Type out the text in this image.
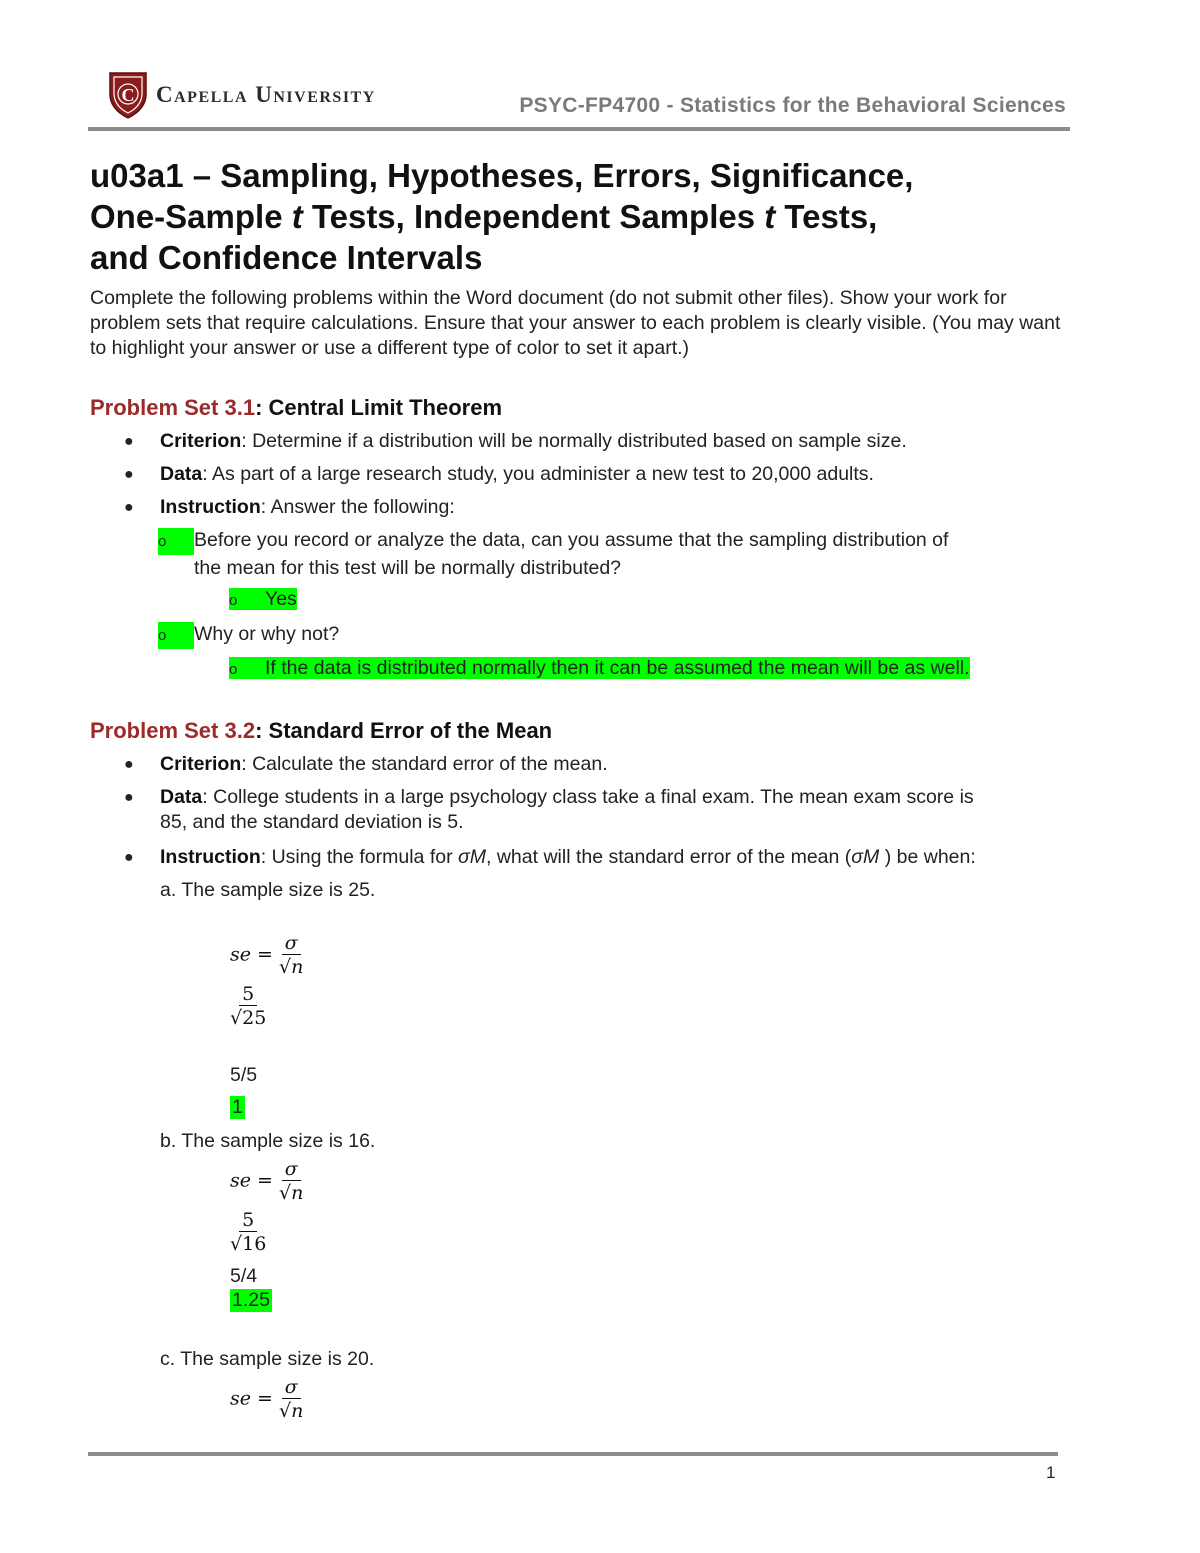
C Capella University	PSYC-FP4700 - Statistics for the Behavioral Sciences
u03a1 – Sampling, Hypotheses, Errors, Significance,
One-Sample t Tests, Independent Samples t Tests,
and Confidence Intervals

Complete the following problems within the Word document (do not submit other files). Show your work for problem sets that require calculations. Ensure that your answer to each problem is clearly visible. (You may want to highlight your answer or use a different type of color to set it apart.)

Problem Set 3.1: Central Limit Theorem
● Criterion: Determine if a distribution will be normally distributed based on sample size.
● Data: As part of a large research study, you administer a new test to 20,000 adults.
● Instruction: Answer the following:
o Before you record or analyze the data, can you assume that the sampling distribution of
the mean for this test will be normally distributed?
o Yes
o Why or why not?
o If the data is distributed normally then it can be assumed the mean will be as well.
Problem Set 3.2: Standard Error of the Mean
● Criterion: Calculate the standard error of the mean.
● Data: College students in a large psychology class take a final exam. The mean exam score is
85, and the standard deviation is 5.
● Instruction: Using the formula for σM, what will the standard error of the mean (σM ) be when:
a. The sample size is 25.
se = $\frac{\sigma}{√n}$
$\frac{5}{√25}$
5/5
1
b. The sample size is 16.
se = $\frac{\sigma}{√n}$
$\frac{5}{√16}$
5/4
1.25
c. The sample size is 20.
se = $\frac{\sigma}{√n}$
1
